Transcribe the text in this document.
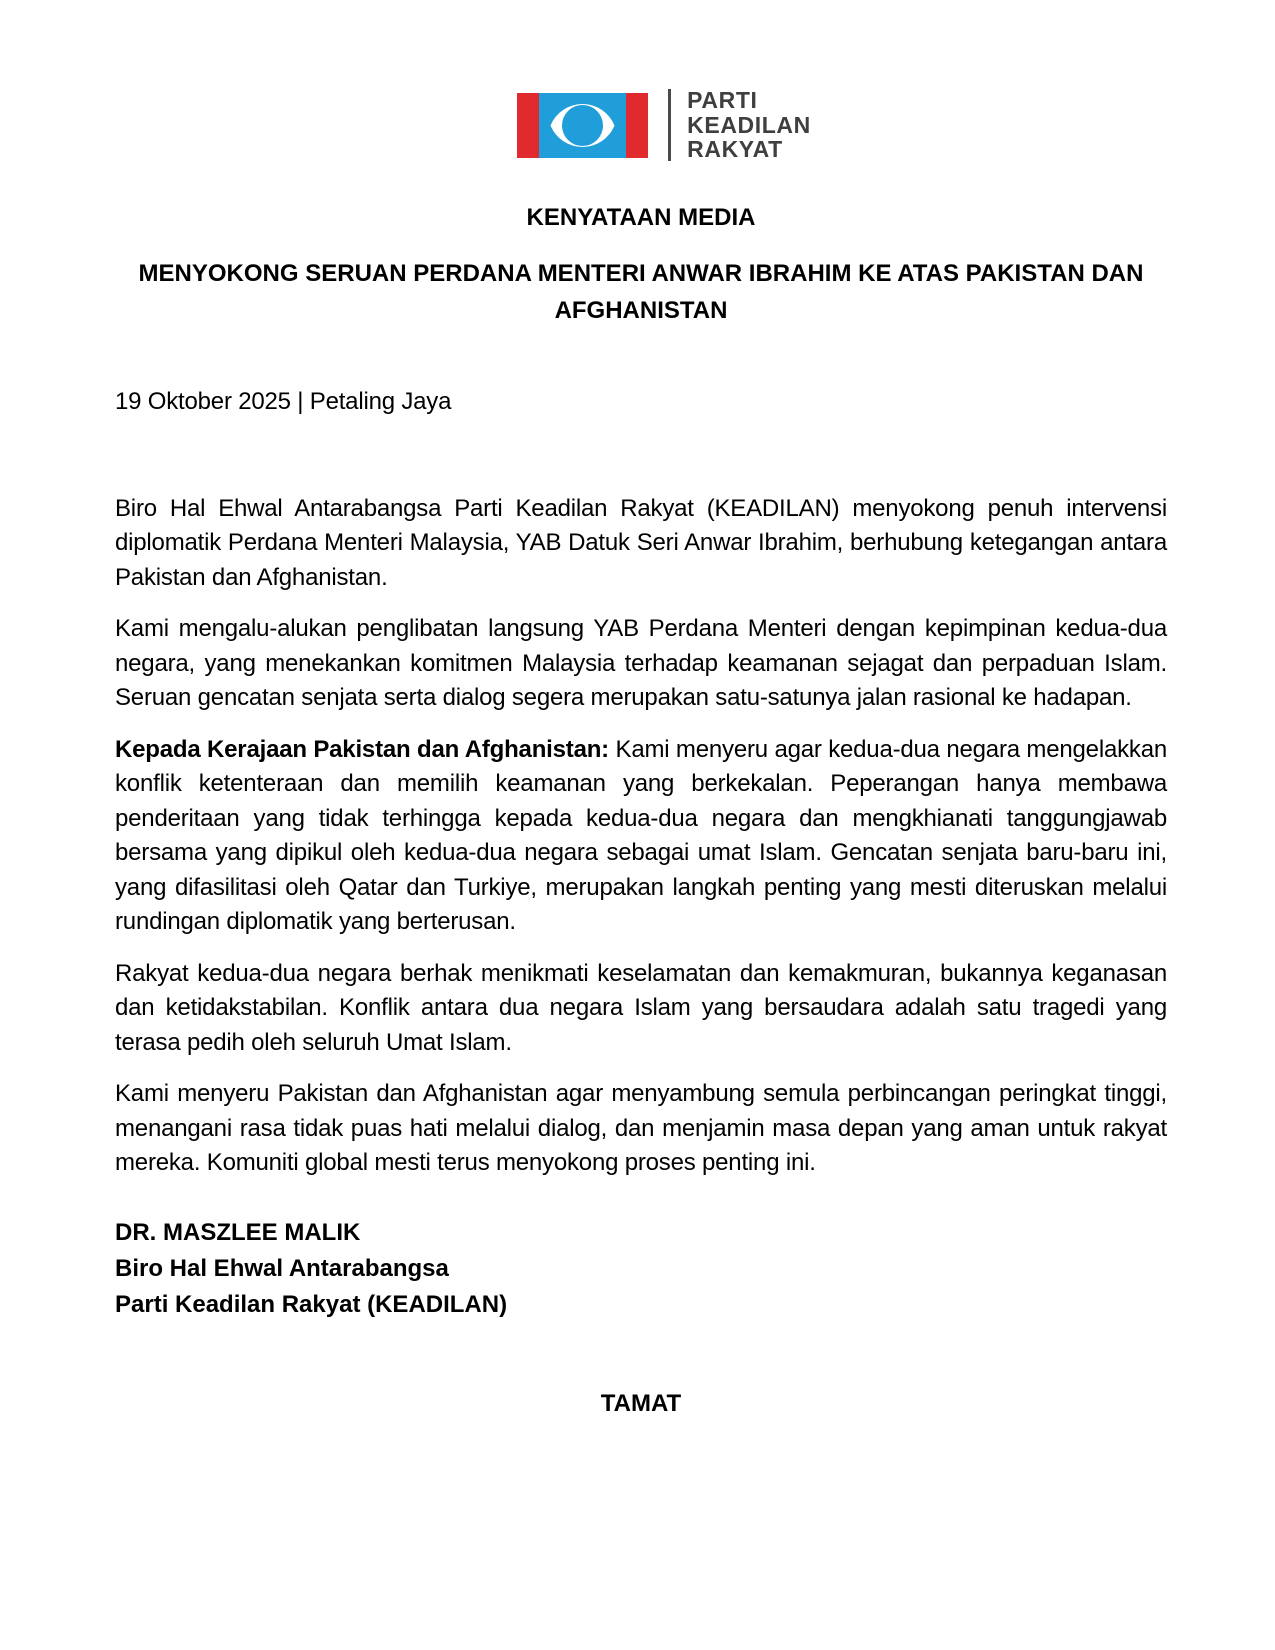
PARTI
KEADILAN
RAKYAT
KENYATAAN MEDIA
MENYOKONG SERUAN PERDANA MENTERI ANWAR IBRAHIM KE ATAS PAKISTAN DAN AFGHANISTAN
19 Oktober 2025 | Petaling Jaya

Biro Hal Ehwal Antarabangsa Parti Keadilan Rakyat (KEADILAN) menyokong penuh intervensi diplomatik Perdana Menteri Malaysia, YAB Datuk Seri Anwar Ibrahim, berhubung ketegangan antara Pakistan dan Afghanistan.

Kami mengalu-alukan penglibatan langsung YAB Perdana Menteri dengan kepimpinan kedua-dua negara, yang menekankan komitmen Malaysia terhadap keamanan sejagat dan perpaduan Islam. Seruan gencatan senjata serta dialog segera merupakan satu-satunya jalan rasional ke hadapan.

Kepada Kerajaan Pakistan dan Afghanistan: Kami menyeru agar kedua-dua negara mengelakkan konflik ketenteraan dan memilih keamanan yang berkekalan. Peperangan hanya membawa penderitaan yang tidak terhingga kepada kedua-dua negara dan mengkhianati tanggungjawab bersama yang dipikul oleh kedua-dua negara sebagai umat Islam. Gencatan senjata baru-baru ini, yang difasilitasi oleh Qatar dan Turkiye, merupakan langkah penting yang mesti diteruskan melalui rundingan diplomatik yang berterusan.

Rakyat kedua-dua negara berhak menikmati keselamatan dan kemakmuran, bukannya keganasan dan ketidakstabilan. Konflik antara dua negara Islam yang bersaudara adalah satu tragedi yang terasa pedih oleh seluruh Umat Islam.

Kami menyeru Pakistan dan Afghanistan agar menyambung semula perbincangan peringkat tinggi, menangani rasa tidak puas hati melalui dialog, dan menjamin masa depan yang aman untuk rakyat mereka. Komuniti global mesti terus menyokong proses penting ini.

DR. MASZLEE MALIK
Biro Hal Ehwal Antarabangsa
Parti Keadilan Rakyat (KEADILAN)
TAMAT
